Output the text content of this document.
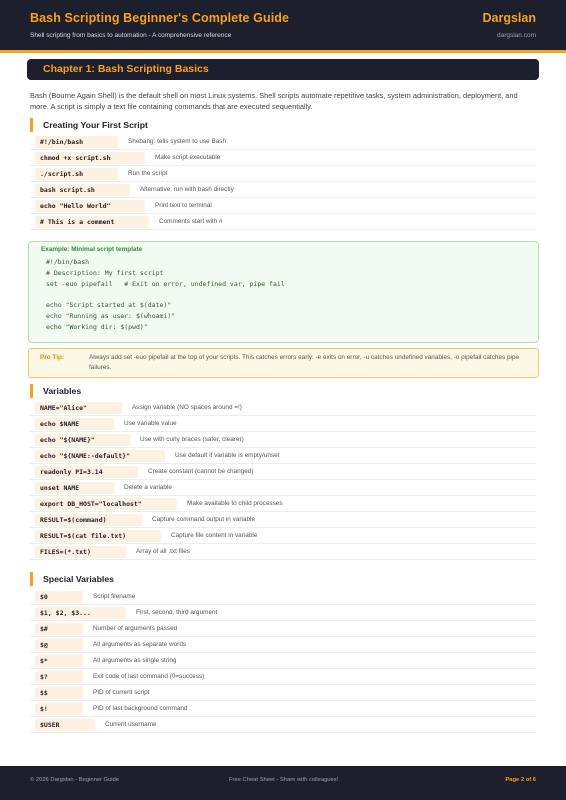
Bash Scripting Beginner's Complete Guide
Shell scripting from basics to automation - A comprehensive reference
Dargslan
dargslan.com
Chapter 1: Bash Scripting Basics
Bash (Bourne Again Shell) is the default shell on most Linux systems. Shell scripts automate repetitive tasks, system administration, deployment, and more. A script is simply a text file containing commands that are executed sequentially.
Creating Your First Script
#!/bin/bash	Shebang: tells system to use Bash
chmod +x script.sh	Make script executable
./script.sh	Run the script
bash script.sh	Alternative: run with bash directly
echo "Hello World"	Print text to terminal
# This is a comment	Comments start with #
Example: Minimal script template
#!/bin/bash
# Description: My first script
set -euo pipefail   # Exit on error, undefined var, pipe fail

echo "Script started at $(date)"
echo "Running as user: $(whoami)"
echo "Working dir: $(pwd)"
Pro Tip:	Always add set -euo pipefail at the top of your scripts. This catches errors early: -e exits on error, -u catches undefined variables, -o pipefail catches pipe failures.
Variables
NAME="Alice"	Assign variable (NO spaces around =!)
echo $NAME	Use variable value
echo "${NAME}"	Use with curly braces (safer, clearer)
echo "${NAME:-default}"	Use default if variable is empty/unset
readonly PI=3.14	Create constant (cannot be changed)
unset NAME	Delete a variable
export DB_HOST="localhost"	Make available to child processes
RESULT=$(command)	Capture command output in variable
RESULT=$(cat file.txt)	Capture file content in variable
FILES=(*.txt)	Array of all .txt files
Special Variables
$0	Script filename
$1, $2, $3...	First, second, third argument
$#	Number of arguments passed
$@	All arguments as separate words
$*	All arguments as single string
$?	Exit code of last command (0=success)
$$	PID of current script
$!	PID of last background command
$USER	Current username
© 2026 Dargslan - Beginner Guide	Free Cheat Sheet - Share with colleagues!	Page 2 of 6
